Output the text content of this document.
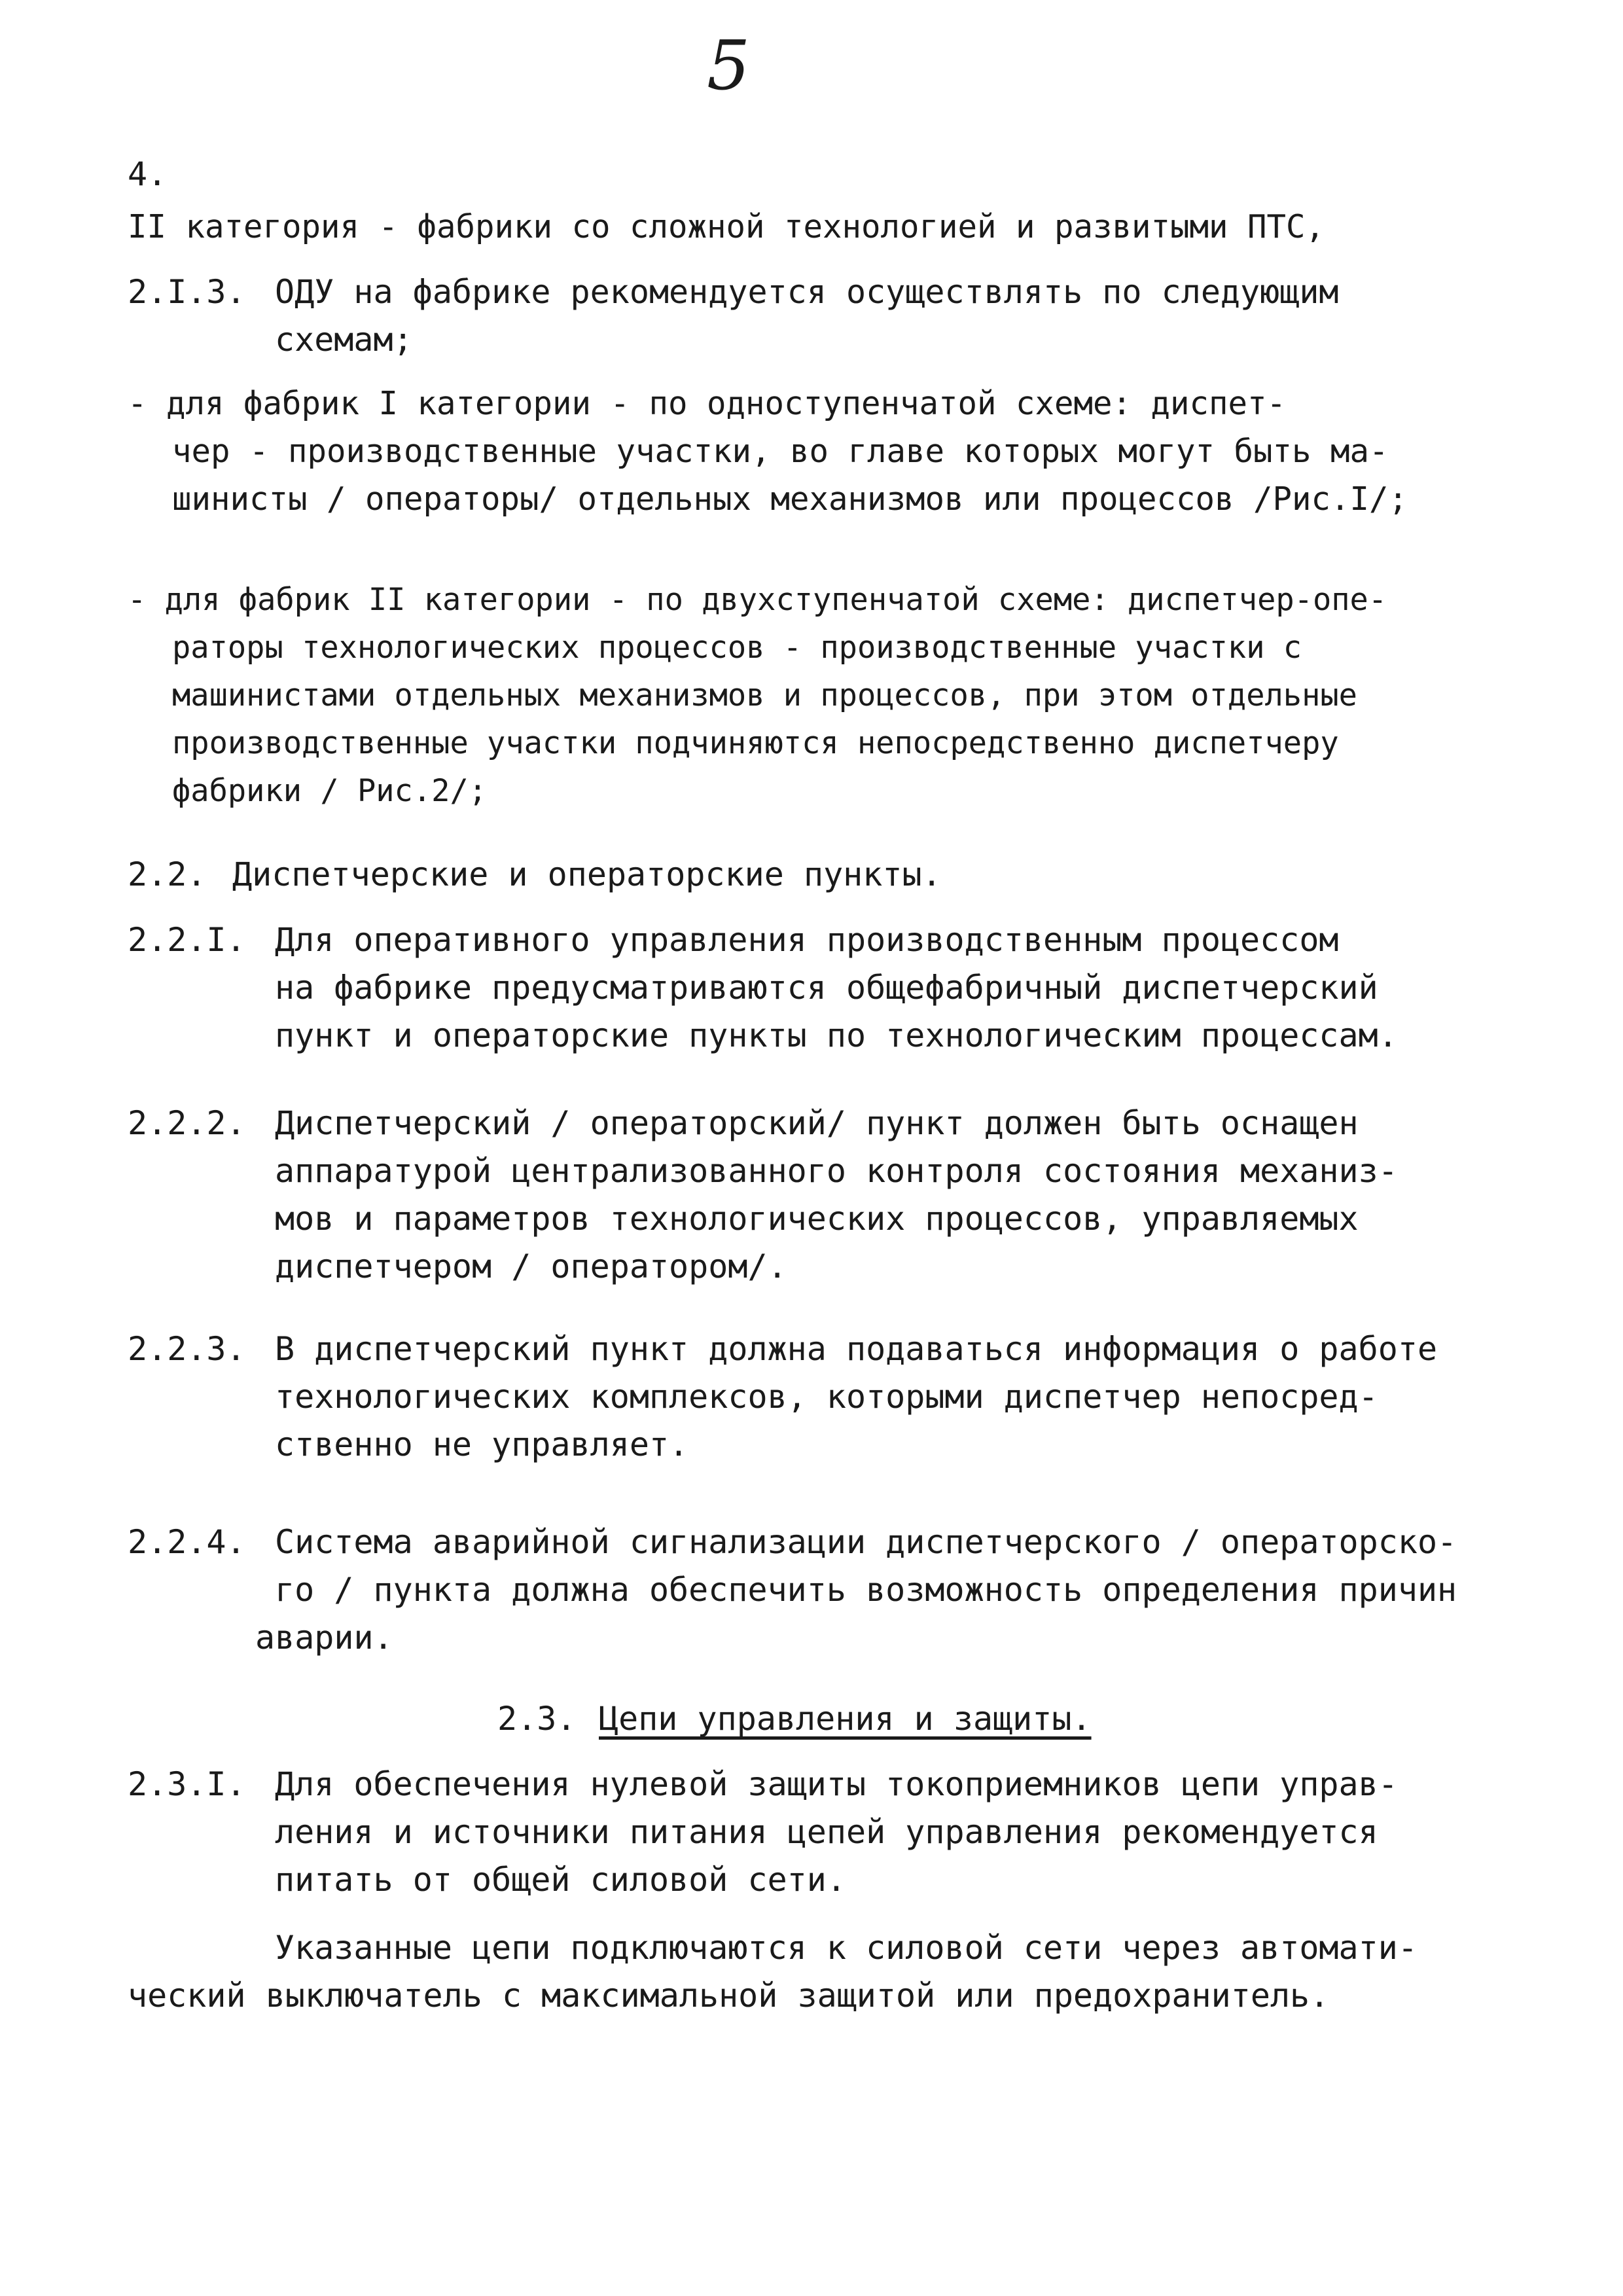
5
4.
II категория - фабрики со сложной технологией и развитыми ПТС,
2.I.3. ОДУ на фабрике рекомендуется осуществлять по следующим
схемам;
- для фабрик I категории - по одноступенчатой схеме: диспет-
чер - производственные участки, во главе которых могут быть ма-
шинисты / операторы/ отдельных механизмов или процессов /Рис.I/;
- для фабрик II категории - по двухступенчатой схеме: диспетчер-опе-
раторы технологических процессов - производственные участки с
машинистами отдельных механизмов и процессов, при этом отдельные
производственные участки подчиняются непосредственно диспетчеру
фабрики / Рис.2/;
2.2. Диспетчерские и операторские пункты.
2.2.I. Для оперативного управления производственным процессом
на фабрике предусматриваются общефабричный диспетчерский
пункт и операторские пункты по технологическим процессам.
2.2.2. Диспетчерский / операторский/ пункт должен быть оснащен
аппаратурой централизованного контроля состояния механиз-
мов и параметров технологических процессов, управляемых
диспетчером / оператором/.
2.2.3. В диспетчерский пункт должна подаваться информация о работе
технологических комплексов, которыми диспетчер непосред-
ственно не управляет.
2.2.4. Система аварийной сигнализации диспетчерского / операторско-
го / пункта должна обеспечить возможность определения причин
аварии.
2.3. Цепи управления и защиты.
2.3.I. Для обеспечения нулевой защиты токоприемников цепи управ-
ления и источники питания цепей управления рекомендуется
питать от общей силовой сети.
Указанные цепи подключаются к силовой сети через автомати-
ческий выключатель с максимальной защитой или предохранитель.
